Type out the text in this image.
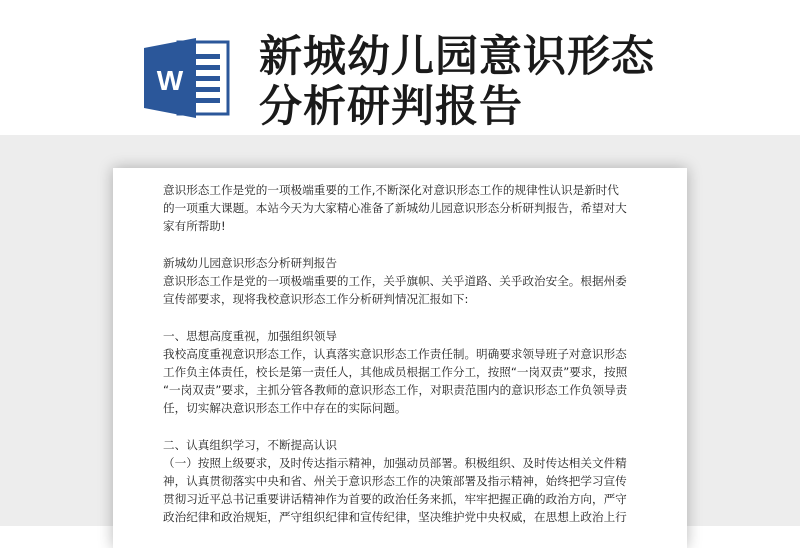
W 新城幼儿园意识形态
分析研判报告
意识形态工作是党的一项极端重要的工作,不断深化对意识形态工作的规律性认识是新时代
的一项重大课题。本站今天为大家精心准备了新城幼儿园意识形态分析研判报告，希望对大
家有所帮助!
新城幼儿园意识形态分析研判报告
意识形态工作是党的一项极端重要的工作，关乎旗帜、关乎道路、关乎政治安全。根据州委
宣传部要求，现将我校意识形态工作分析研判情况汇报如下:
一、思想高度重视，加强组织领导
我校高度重视意识形态工作，认真落实意识形态工作责任制。明确要求领导班子对意识形态
工作负主体责任，校长是第一责任人，其他成员根据工作分工，按照“一岗双责”要求，按照
“一岗双责”要求，主抓分管各教师的意识形态工作，对职责范围内的意识形态工作负领导责
任，切实解决意识形态工作中存在的实际问题。
二、认真组织学习，不断提高认识
（一）按照上级要求，及时传达指示精神，加强动员部署。积极组织、及时传达相关文件精
神，认真贯彻落实中央和省、州关于意识形态工作的决策部署及指示精神，始终把学习宣传
贯彻习近平总书记重要讲话精神作为首要的政治任务来抓，牢牢把握正确的政治方向，严守
政治纪律和政治规矩，严守组织纪律和宣传纪律，坚决维护党中央权威，在思想上政治上行
